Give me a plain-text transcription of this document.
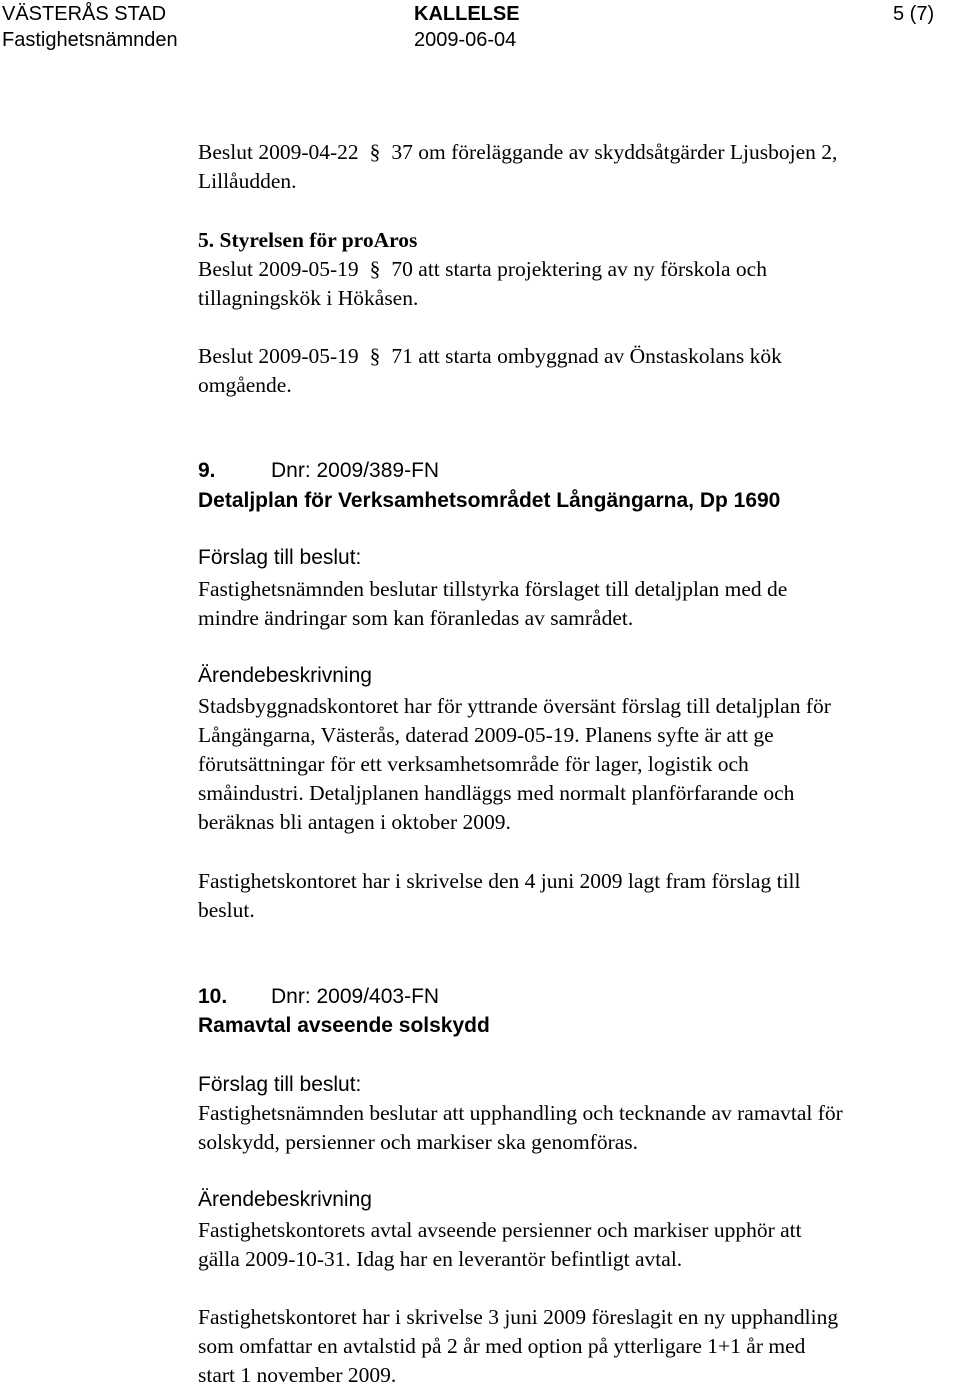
VÄSTERÅS STAD	KALLELSE	5 (7)
Fastighetsnämnden	2009-06-04
Beslut 2009-04-22 § 37 om föreläggande av skyddsåtgärder Ljusbojen 2,
Lillåudden.
5. Styrelsen för proAros
Beslut 2009-05-19 § 70 att starta projektering av ny förskola och
tillagningskök i Hökåsen.
Beslut 2009-05-19 § 71 att starta ombyggnad av Önstaskolans kök
omgående.
9.	Dnr: 2009/389-FN
Detaljplan för Verksamhetsområdet Långängarna, Dp 1690
Förslag till beslut:
Fastighetsnämnden beslutar tillstyrka förslaget till detaljplan med de
mindre ändringar som kan föranledas av samrådet.
Ärendebeskrivning
Stadsbyggnadskontoret har för yttrande översänt förslag till detaljplan för
Långängarna, Västerås, daterad 2009-05-19. Planens syfte är att ge
förutsättningar för ett verksamhetsområde för lager, logistik och
småindustri. Detaljplanen handläggs med normalt planförfarande och
beräknas bli antagen i oktober 2009.
Fastighetskontoret har i skrivelse den 4 juni 2009 lagt fram förslag till
beslut.
10. Dnr: 2009/403-FN
Ramavtal avseende solskydd
Förslag till beslut:
Fastighetsnämnden beslutar att upphandling och tecknande av ramavtal för
solskydd, persienner och markiser ska genomföras.
Ärendebeskrivning
Fastighetskontorets avtal avseende persienner och markiser upphör att
gälla 2009-10-31. Idag har en leverantör befintligt avtal.
Fastighetskontoret har i skrivelse 3 juni 2009 föreslagit en ny upphandling
som omfattar en avtalstid på 2 år med option på ytterligare 1+1 år med
start 1 november 2009.
